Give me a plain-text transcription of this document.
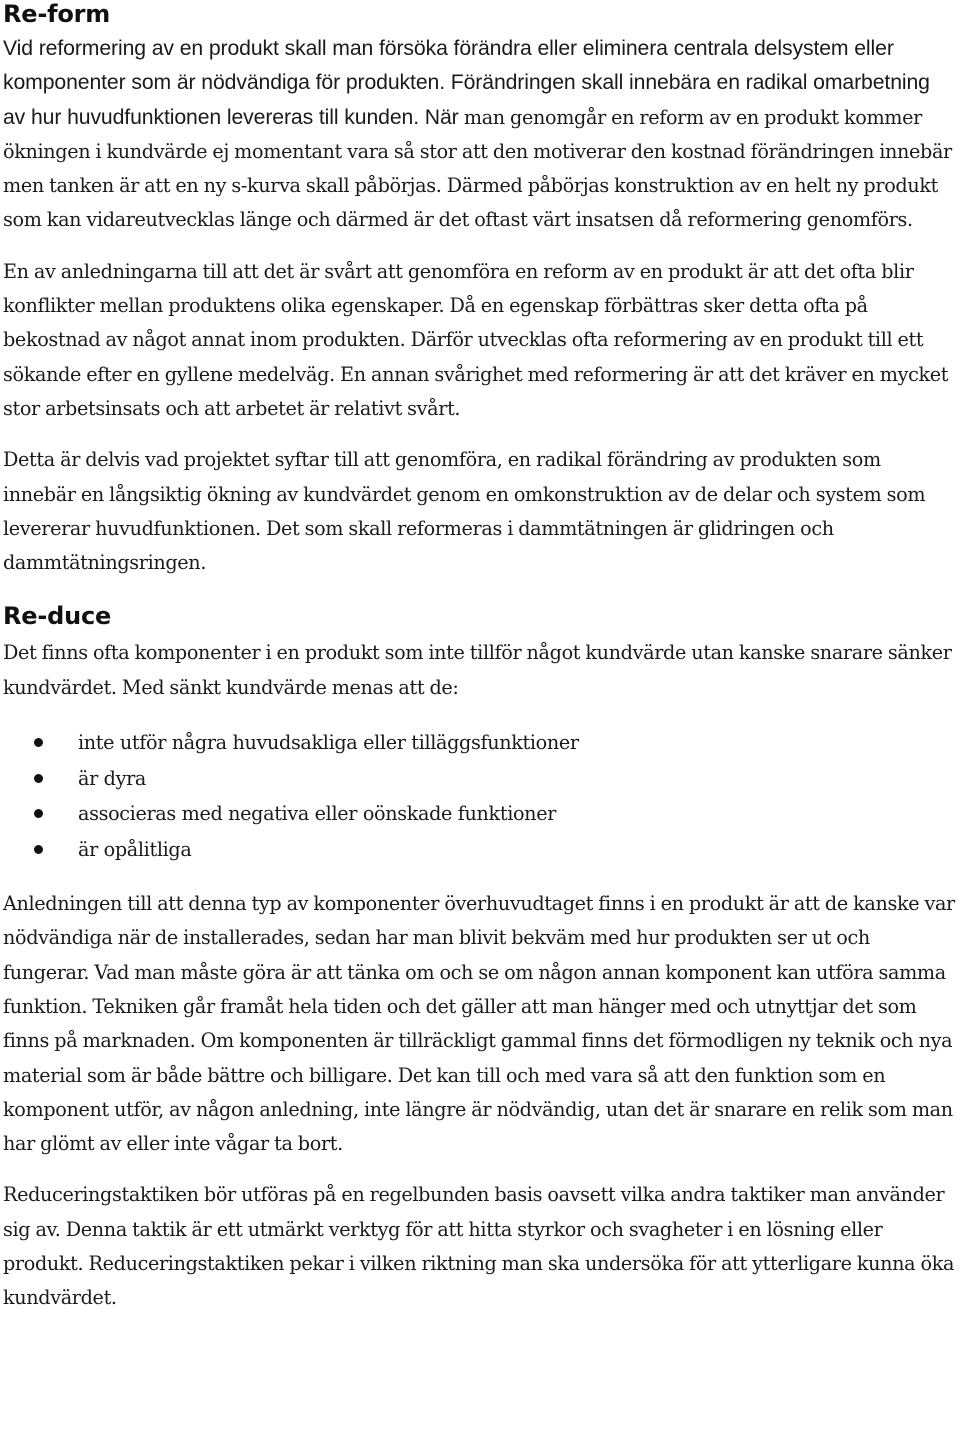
Re-form

Vid reformering av en produkt skall man försöka förändra eller eliminera centrala delsystem eller komponenter som är nödvändiga för produkten. Förändringen skall innebära en radikal omarbetning av hur huvudfunktionen levereras till kunden. När man genomgår en reform av en produkt kommer ökningen i kundvärde ej momentant vara så stor att den motiverar den kostnad förändringen innebär men tanken är att en ny s-kurva skall påbörjas. Därmed påbörjas konstruktion av en helt ny produkt som kan vidareutvecklas länge och därmed är det oftast värt insatsen då reformering genomförs.

En av anledningarna till att det är svårt att genomföra en reform av en produkt är att det ofta blir konflikter mellan produktens olika egenskaper. Då en egenskap förbättras sker detta ofta på bekostnad av något annat inom produkten. Därför utvecklas ofta reformering av en produkt till ett sökande efter en gyllene medelväg. En annan svårighet med reformering är att det kräver en mycket stor arbetsinsats och att arbetet är relativt svårt.

Detta är delvis vad projektet syftar till att genomföra, en radikal förändring av produkten som innebär en långsiktig ökning av kundvärdet genom en omkonstruktion av de delar och system som levererar huvudfunktionen. Det som skall reformeras i dammtätningen är glidringen och dammtätningsringen.

Re-duce

Det finns ofta komponenter i en produkt som inte tillför något kundvärde utan kanske snarare sänker kundvärdet. Med sänkt kundvärde menas att de:

inte utför några huvudsakliga eller tilläggsfunktioner
är dyra
associeras med negativa eller oönskade funktioner
är opålitliga

Anledningen till att denna typ av komponenter överhuvudtaget finns i en produkt är att de kanske var nödvändiga när de installerades, sedan har man blivit bekväm med hur produkten ser ut och fungerar. Vad man måste göra är att tänka om och se om någon annan komponent kan utföra samma funktion. Tekniken går framåt hela tiden och det gäller att man hänger med och utnyttjar det som finns på marknaden. Om komponenten är tillräckligt gammal finns det förmodligen ny teknik och nya material som är både bättre och billigare. Det kan till och med vara så att den funktion som en komponent utför, av någon anledning, inte längre är nödvändig, utan det är snarare en relik som man har glömt av eller inte vågar ta bort.

Reduceringstaktiken bör utföras på en regelbunden basis oavsett vilka andra taktiker man använder sig av. Denna taktik är ett utmärkt verktyg för att hitta styrkor och svagheter i en lösning eller produkt. Reduceringstaktiken pekar i vilken riktning man ska undersöka för att ytterligare kunna öka kundvärdet.
